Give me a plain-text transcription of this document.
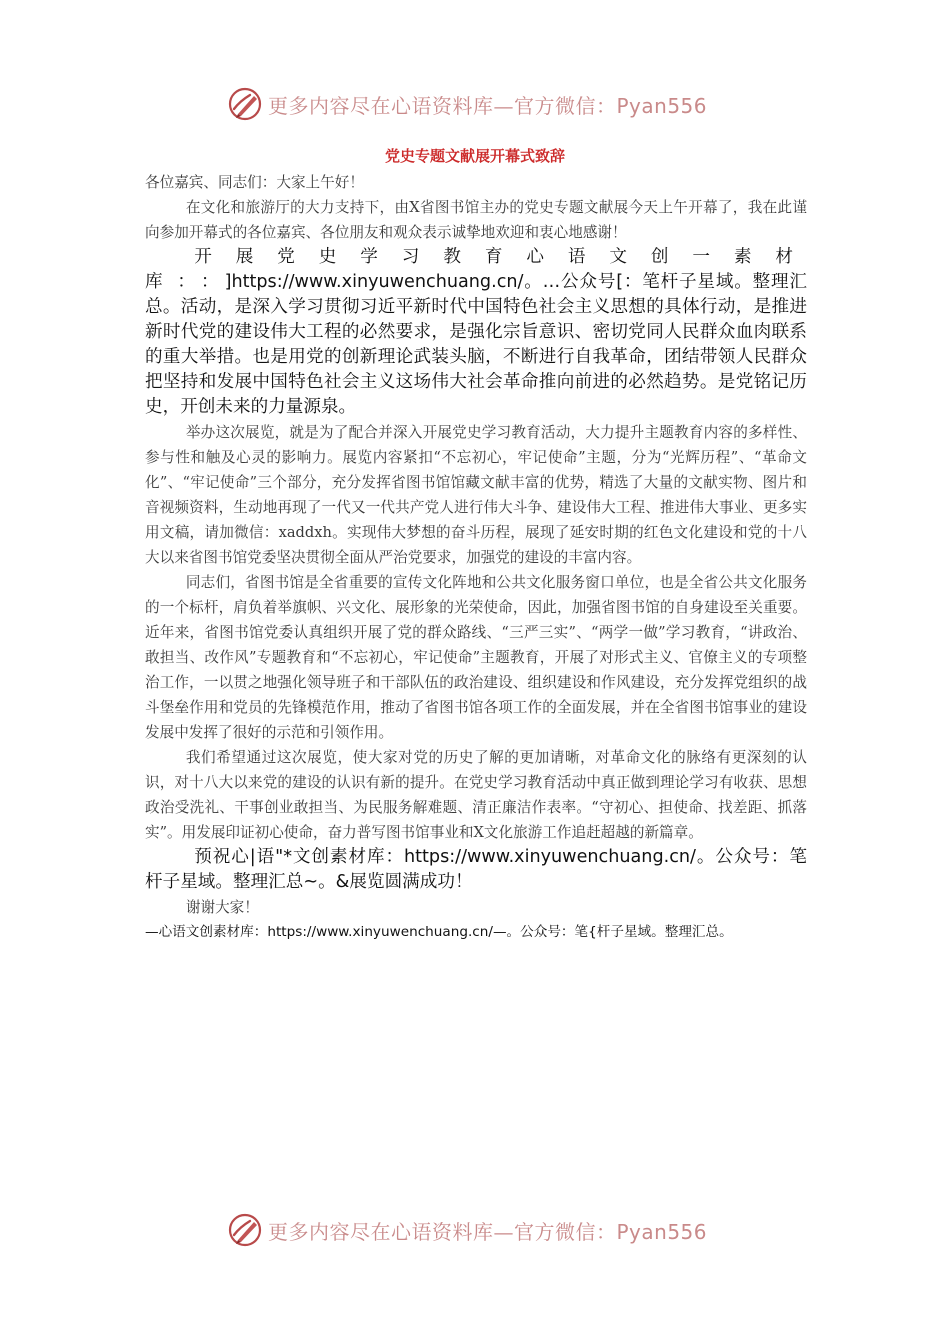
更多内容尽在心语资料库—官方微信：Pyan556
党史专题文献展开幕式致辞

各位嘉宾、同志们：大家上午好！

在文化和旅游厅的大力支持下，由X省图书馆主办的党史专题文献展今天上午开幕了，我在此谨向参加开幕式的各位嘉宾、各位朋友和观众表示诚挚地欢迎和衷心地感谢！

开展党史学习教育心语文创一素材库：：]https://www.xinyuwenchuang.cn/。…公众号[：笔杆子星域。整理汇总。活动，是深入学习贯彻习近平新时代中国特色社会主义思想的具体行动，是推进新时代党的建设伟大工程的必然要求，是强化宗旨意识、密切党同人民群众血肉联系的重大举措。也是用党的创新理论武装头脑，不断进行自我革命，团结带领人民群众把坚持和发展中国特色社会主义这场伟大社会革命推向前进的必然趋势。是党铭记历史，开创未来的力量源泉。

举办这次展览，就是为了配合并深入开展党史学习教育活动，大力提升主题教育内容的多样性、参与性和触及心灵的影响力。展览内容紧扣“不忘初心，牢记使命”主题，分为“光辉历程”、“革命文化”、“牢记使命”三个部分，充分发挥省图书馆馆藏文献丰富的优势，精选了大量的文献实物、图片和音视频资料，生动地再现了一代又一代共产党人进行伟大斗争、建设伟大工程、推进伟大事业、更多实用文稿，请加微信：xaddxh。实现伟大梦想的奋斗历程，展现了延安时期的红色文化建设和党的十八大以来省图书馆党委坚决贯彻全面从严治党要求，加强党的建设的丰富内容。

同志们，省图书馆是全省重要的宣传文化阵地和公共文化服务窗口单位，也是全省公共文化服务的一个标杆，肩负着举旗帜、兴文化、展形象的光荣使命，因此，加强省图书馆的自身建设至关重要。近年来，省图书馆党委认真组织开展了党的群众路线、“三严三实”、“两学一做”学习教育，“讲政治、敢担当、改作风”专题教育和“不忘初心，牢记使命”主题教育，开展了对形式主义、官僚主义的专项整治工作，一以贯之地强化领导班子和干部队伍的政治建设、组织建设和作风建设，充分发挥党组织的战斗堡垒作用和党员的先锋模范作用，推动了省图书馆各项工作的全面发展，并在全省图书馆事业的建设发展中发挥了很好的示范和引领作用。

我们希望通过这次展览，使大家对党的历史了解的更加请晰，对革命文化的脉络有更深刻的认识，对十八大以来党的建设的认识有新的提升。在党史学习教育活动中真正做到理论学习有收获、思想政治受洗礼、干事创业敢担当、为民服务解难题、清正廉洁作表率。“守初心、担使命、找差距、抓落实”。用发展印证初心使命，奋力普写图书馆事业和X文化旅游工作追赶超越的新篇章。

预祝心|语"*文创素材库：https://www.xinyuwenchuang.cn/。公众号：笔杆子星域。整理汇总~。&展览圆满成功！

谢谢大家！

—心语文创素材库：https://www.xinyuwenchuang.cn/—。公众号：笔{杆子星域。整理汇总。

更多内容尽在心语资料库—官方微信：Pyan556
